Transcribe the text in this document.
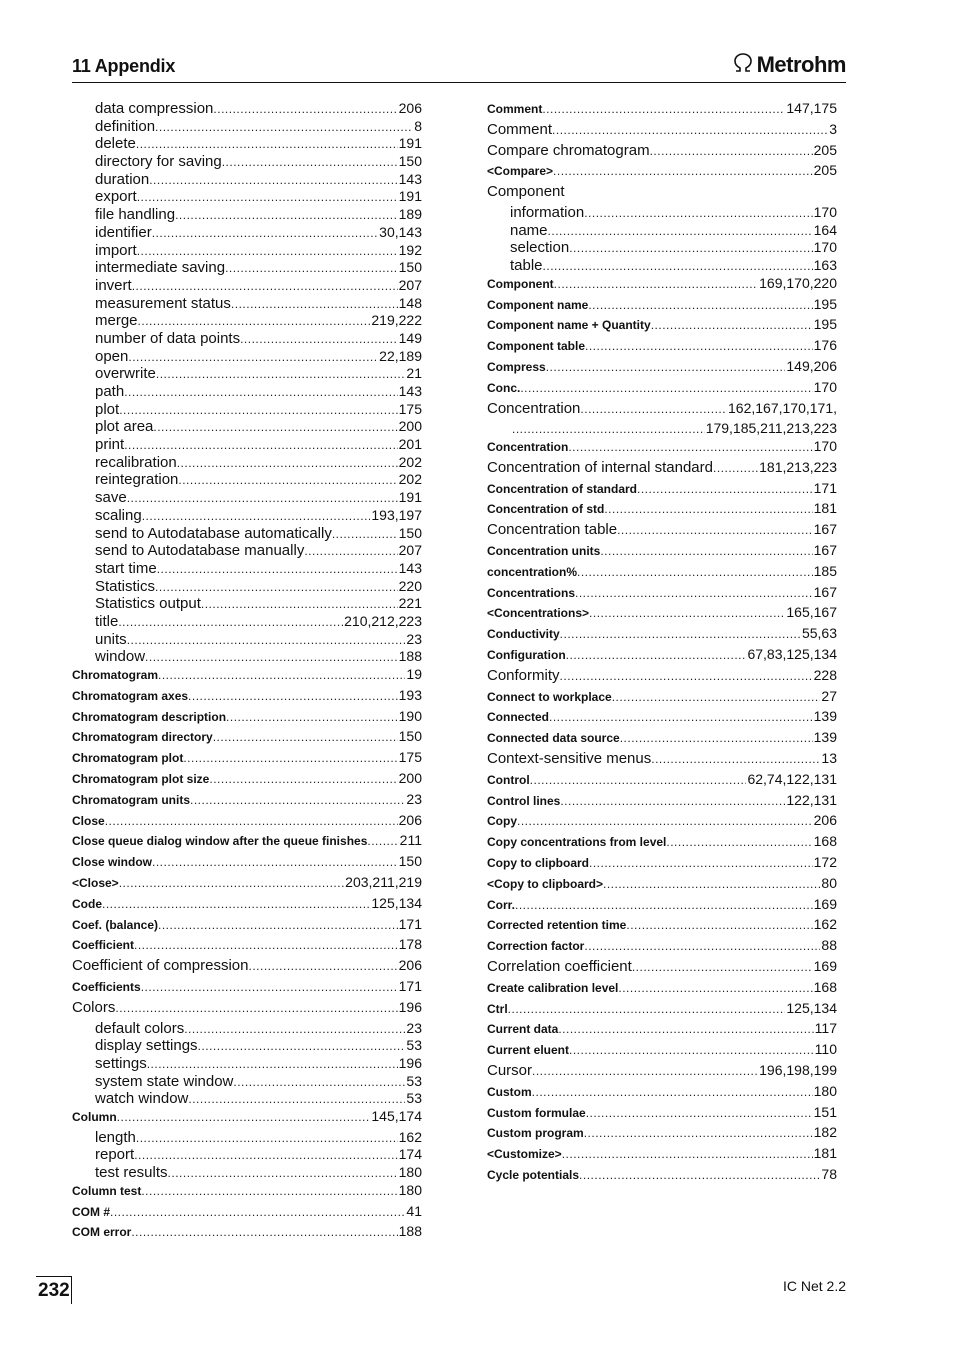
11 Appendix	Metrohm
data compression .....	206
definition .....	8
delete .....	191
directory for saving .....	150
duration .....	143
export .....	191
file handling .....	189
identifier .....	30,143
import .....	192
intermediate saving .....	150
invert .....	207
measurement status .....	148
merge .....	219,222
number of data points .....	149
open .....	22,189
overwrite .....	21
path .....	143
plot .....	175
plot area .....	200
print .....	201
recalibration .....	202
reintegration .....	202
save .....	191
scaling .....	193,197
send to Autodatabase automatically .....	150
send to Autodatabase manually .....	207
start time .....	143
Statistics .....	220
Statistics output .....	221
title .....	210,212,223
units .....	23
window .....	188
Chromatogram .....	19
Chromatogram axes .....	193
Chromatogram description .....	190
Chromatogram directory .....	150
Chromatogram plot .....	175
Chromatogram plot size .....	200
Chromatogram units .....	23
Close .....	206
Close queue dialog window after the queue finishes ..... 211
Close window .....	150
<Close> .....	203,211,219
Code .....	125,134
Coef. (balance) .....	171
Coefficient .....	178
Coefficient of compression .....	206
Coefficients .....	171
Colors .....	196
default colors .....	23
display settings .....	53
settings .....	196
system state window .....	53
watch window .....	53
Column .....	145,174
length .....	162
report .....	174
test results .....	180
Column test .....	180
COM # .....	41
COM error .....	188
Comment .....	147,175
Comment .....	3
Compare chromatogram .....	205
<Compare> .....	205
Component
information .....	170
name .....	164
selection .....	170
table .....	163
Component .....	169,170,220
Component name .....	195
Component name + Quantity .....	195
Component table .....	176
Compress .....	149,206
Conc. .....	170
Concentration .....	162,167,170,171,
.....
179,185,211,213,223
Concentration .....	170
Concentration of internal standard .....	181,213,223
Concentration of standard .....	171
Concentration of std .....	181
Concentration table .....	167
Concentration units .....	167
concentration% .....	185
Concentrations .....	167
<Concentrations> .....	165,167
Conductivity .....	55,63
Configuration .....	67,83,125,134
Conformity .....	228
Connect to workplace .....	27
Connected .....	139
Connected data source .....	139
Context-sensitive menus .....	13
Control .....	62,74,122,131
Control lines .....	122,131
Copy .....	206
Copy concentrations from level .....	168
Copy to clipboard .....	172
<Copy to clipboard> .....	80
Corr. .....	169
Corrected retention time .....	162
Correction factor .....	88
Correlation coefficient .....	169
Create calibration level .....	168
Ctrl .....	125,134
Current data .....	117
Current eluent .....	110
Cursor .....	196,198,199
Custom .....	180
Custom formulae .....	151
Custom program .....	182
<Customize> .....	181
Cycle potentials .....	78
232	IC Net 2.2
